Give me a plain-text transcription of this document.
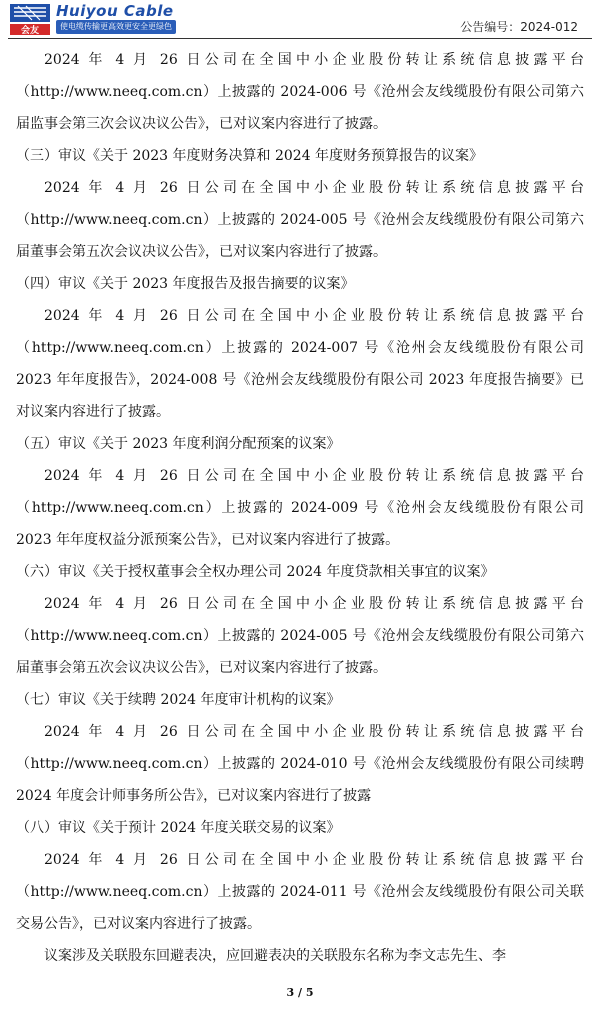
会友
Huiyou Cable
使电缆传输更高效更安全更绿色	公告编号：2024-012

2024 年 4 月 26 日公司在全国中小企业股份转让系统信息披露平台（http://www.neeq.com.cn）上披露的 2024-006 号《沧州会友线缆股份有限公司第六届监事会第三次会议决议公告》，已对议案内容进行了披露。

（三）审议《关于 2023 年度财务决算和 2024 年度财务预算报告的议案》

2024 年 4 月 26 日公司在全国中小企业股份转让系统信息披露平台（http://www.neeq.com.cn）上披露的 2024-005 号《沧州会友线缆股份有限公司第六届董事会第五次会议决议公告》，已对议案内容进行了披露。

（四）审议《关于 2023 年度报告及报告摘要的议案》

2024 年 4 月 26 日公司在全国中小企业股份转让系统信息披露平台（http://www.neeq.com.cn）上披露的 2024-007 号《沧州会友线缆股份有限公司 2023 年年度报告》，2024-008 号《沧州会友线缆股份有限公司 2023 年度报告摘要》已对议案内容进行了披露。

（五）审议《关于 2023 年度利润分配预案的议案》

2024 年 4 月 26 日公司在全国中小企业股份转让系统信息披露平台（http://www.neeq.com.cn）上披露的 2024-009 号《沧州会友线缆股份有限公司 2023 年年度权益分派预案公告》，已对议案内容进行了披露。

（六）审议《关于授权董事会全权办理公司 2024 年度贷款相关事宜的议案》

2024 年 4 月 26 日公司在全国中小企业股份转让系统信息披露平台（http://www.neeq.com.cn）上披露的 2024-005 号《沧州会友线缆股份有限公司第六届董事会第五次会议决议公告》，已对议案内容进行了披露。

（七）审议《关于续聘 2024 年度审计机构的议案》

2024 年 4 月 26 日公司在全国中小企业股份转让系统信息披露平台（http://www.neeq.com.cn）上披露的 2024-010 号《沧州会友线缆股份有限公司续聘 2024 年度会计师事务所公告》，已对议案内容进行了披露

（八）审议《关于预计 2024 年度关联交易的议案》

2024 年 4 月 26 日公司在全国中小企业股份转让系统信息披露平台（http://www.neeq.com.cn）上披露的 2024-011 号《沧州会友线缆股份有限公司关联交易公告》，已对议案内容进行了披露。

议案涉及关联股东回避表决，应回避表决的关联股东名称为李文志先生、李

3 / 5
